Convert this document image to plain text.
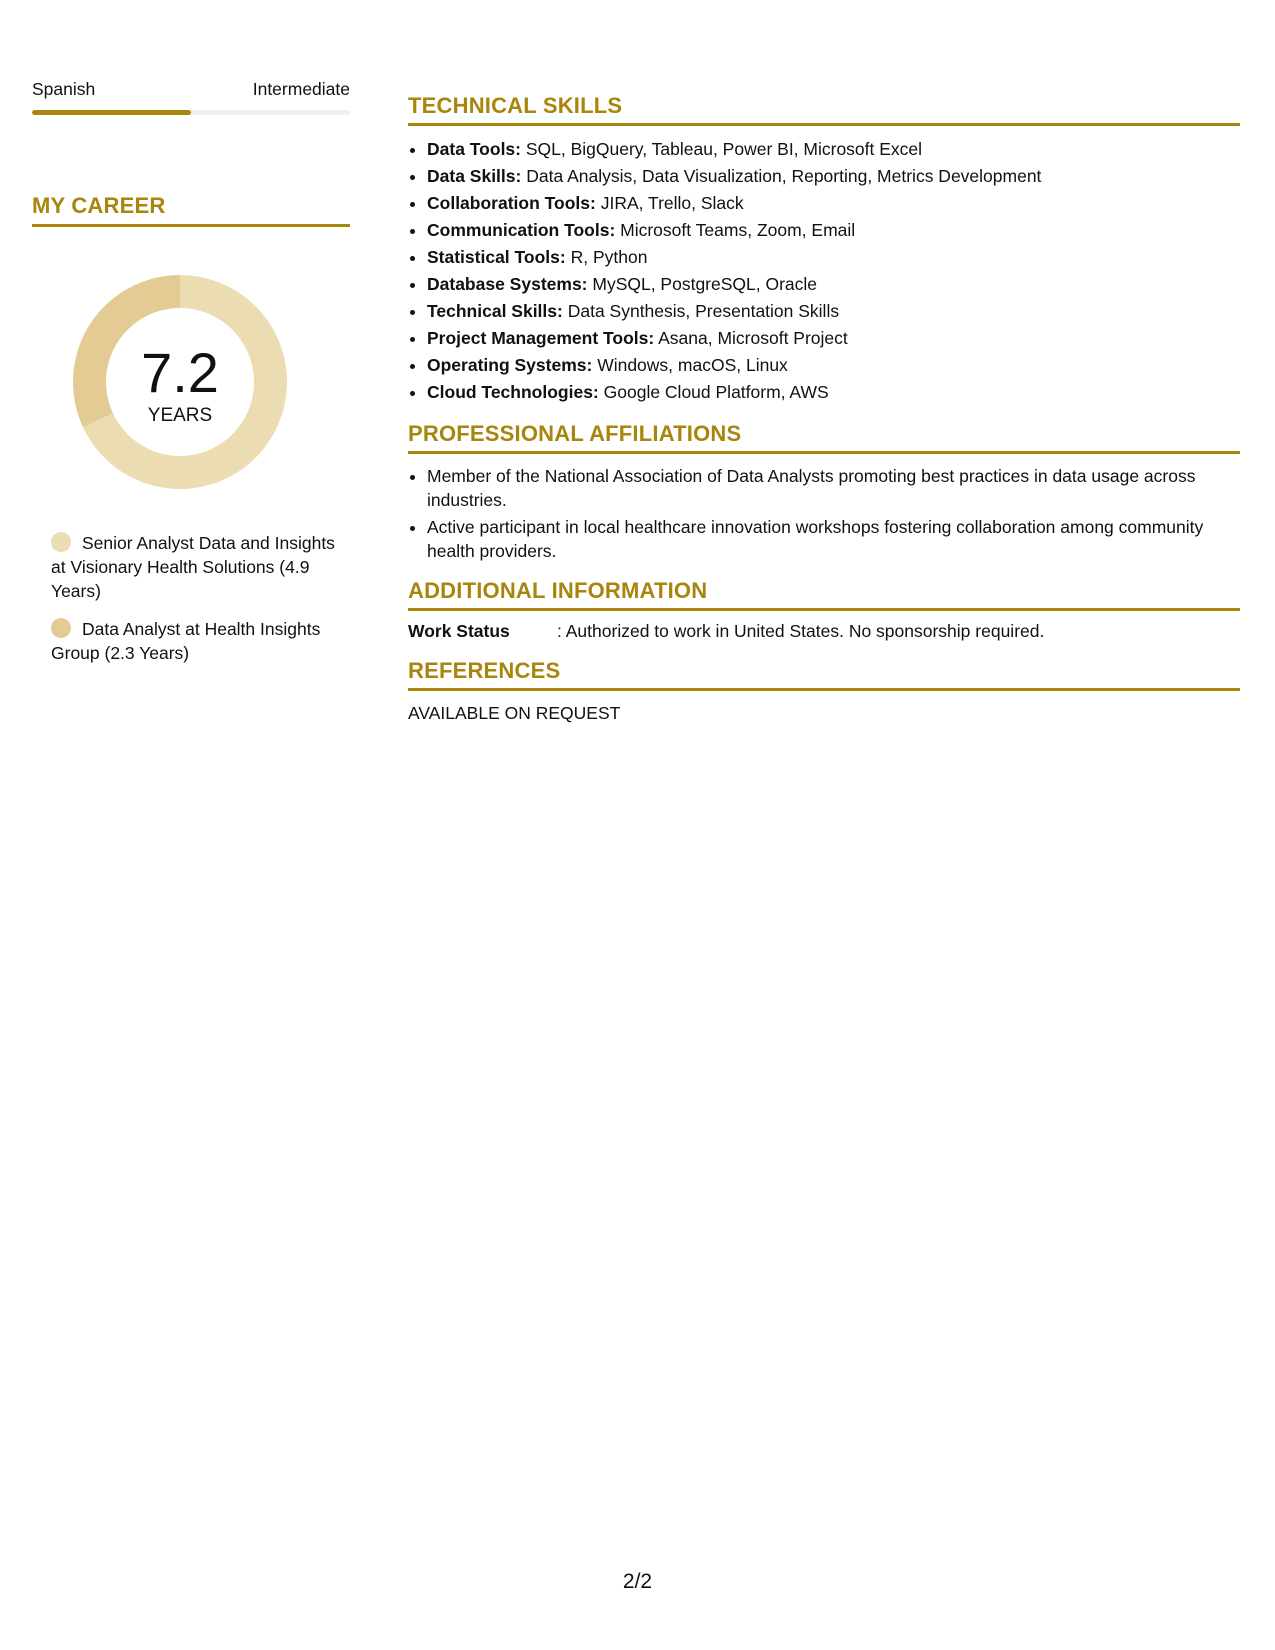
Spanish	Intermediate
MY CAREER
7.2
YEARS
Senior Analyst Data and Insights at Visionary Health Solutions (4.9 Years)
Data Analyst at Health Insights Group (2.3 Years)
TECHNICAL SKILLS
• Data Tools: SQL, BigQuery, Tableau, Power BI, Microsoft Excel
• Data Skills: Data Analysis, Data Visualization, Reporting, Metrics Development
• Collaboration Tools: JIRA, Trello, Slack
• Communication Tools: Microsoft Teams, Zoom, Email
• Statistical Tools: R, Python
• Database Systems: MySQL, PostgreSQL, Oracle
• Technical Skills: Data Synthesis, Presentation Skills
• Project Management Tools: Asana, Microsoft Project
• Operating Systems: Windows, macOS, Linux
• Cloud Technologies: Google Cloud Platform, AWS
PROFESSIONAL AFFILIATIONS
• Member of the National Association of Data Analysts promoting best practices in data usage across industries.
• Active participant in local healthcare innovation workshops fostering collaboration among community health providers.
ADDITIONAL INFORMATION
Work Status	: Authorized to work in United States. No sponsorship required.
REFERENCES
AVAILABLE ON REQUEST
2/2
